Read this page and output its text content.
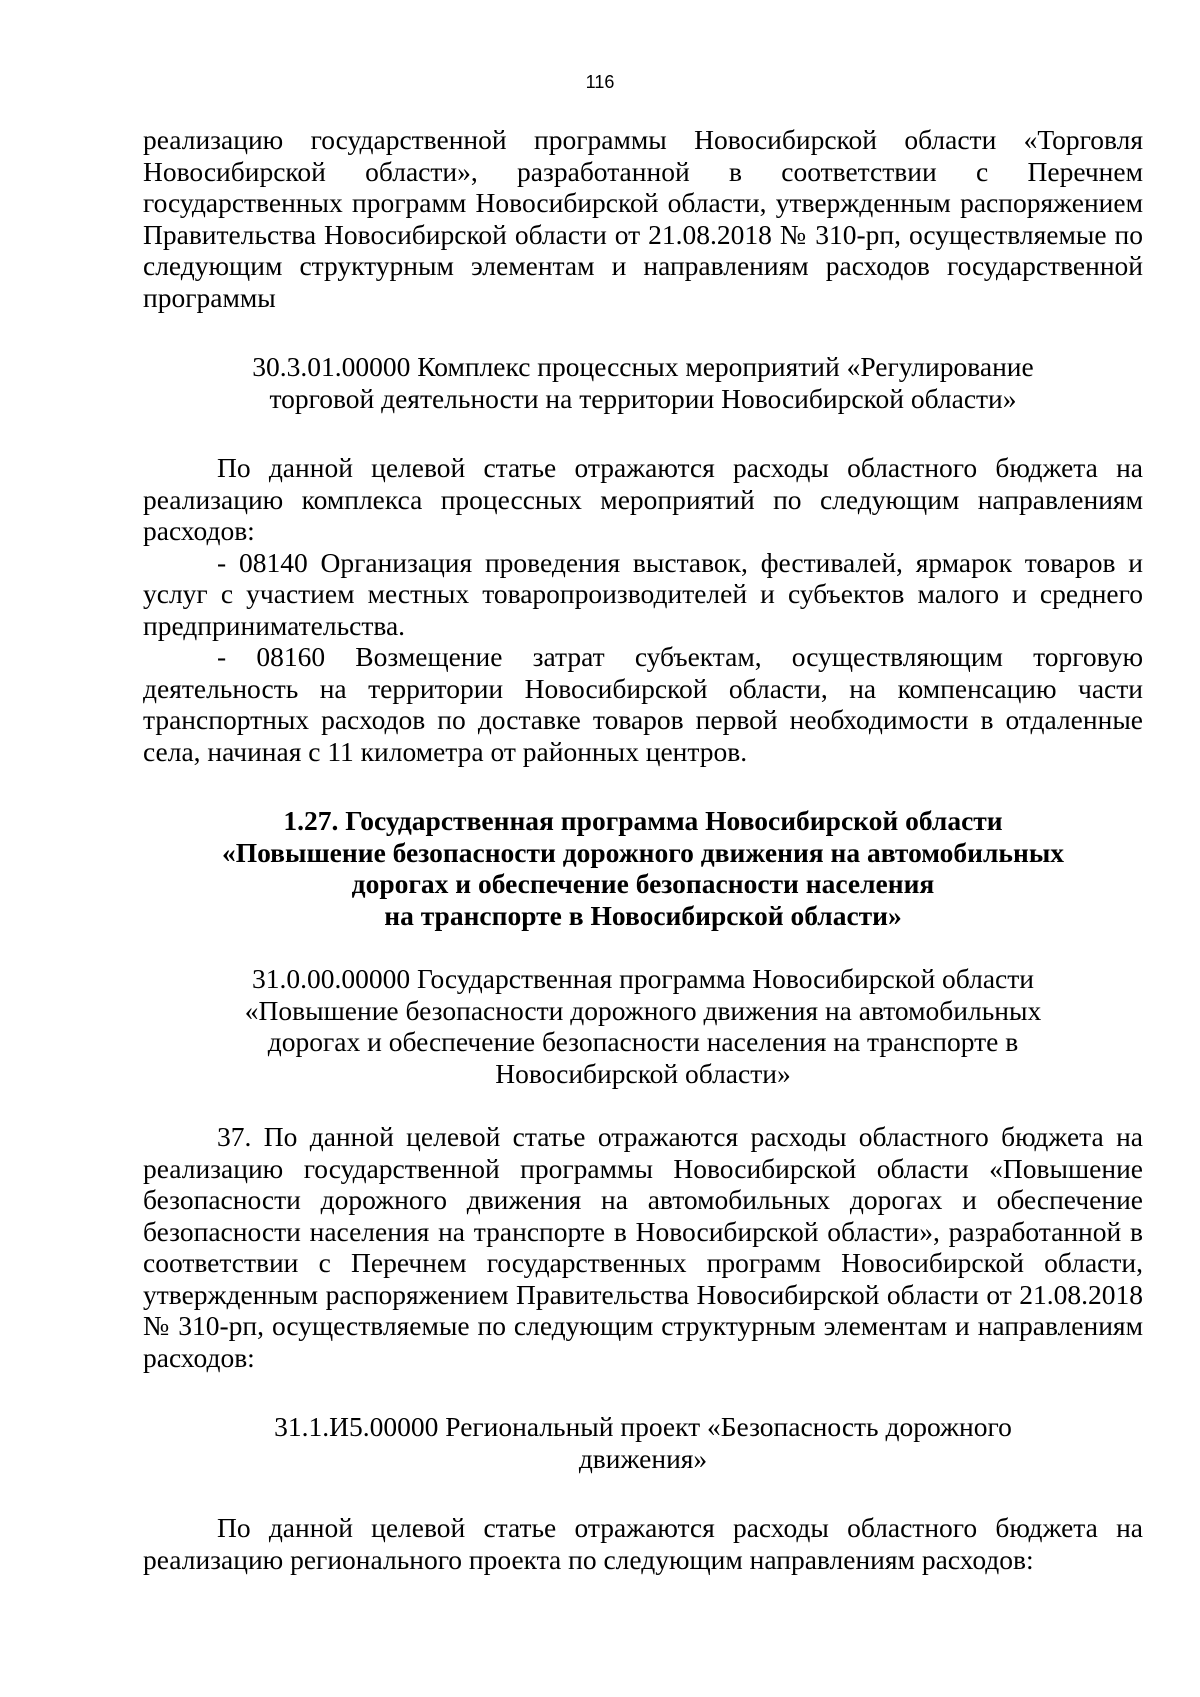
116

реализацию государственной программы Новосибирской области «Торговля Новосибирской области», разработанной в соответствии с Перечнем государственных программ Новосибирской области, утвержденным распоряжением Правительства Новосибирской области от 21.08.2018 № 310-рп, осуществляемые по следующим структурным элементам и направлениям расходов государственной программы

30.3.01.00000 Комплекс процессных мероприятий «Регулирование торговой деятельности на территории Новосибирской области»

По данной целевой статье отражаются расходы областного бюджета на реализацию комплекса процессных мероприятий по следующим направлениям расходов:

- 08140 Организация проведения выставок, фестивалей, ярмарок товаров и услуг с участием местных товаропроизводителей и субъектов малого и среднего предпринимательства.

- 08160 Возмещение затрат субъектам, осуществляющим торговую деятельность на территории Новосибирской области, на компенсацию части транспортных расходов по доставке товаров первой необходимости в отдаленные села, начиная с 11 километра от районных центров.

1.27. Государственная программа Новосибирской области
«Повышение безопасности дорожного движения на автомобильных
дорогах и обеспечение безопасности населения
на транспорте в Новосибирской области»

31.0.00.00000 Государственная программа Новосибирской области «Повышение безопасности дорожного движения на автомобильных дорогах и обеспечение безопасности населения на транспорте в Новосибирской области»

37. По данной целевой статье отражаются расходы областного бюджета на реализацию государственной программы Новосибирской области «Повышение безопасности дорожного движения на автомобильных дорогах и обеспечение безопасности населения на транспорте в Новосибирской области», разработанной в соответствии с Перечнем государственных программ Новосибирской области, утвержденным распоряжением Правительства Новосибирской области от 21.08.2018 № 310-рп, осуществляемые по следующим структурным элементам и направлениям расходов:

31.1.И5.00000 Региональный проект «Безопасность дорожного движения»

По данной целевой статье отражаются расходы областного бюджета на реализацию регионального проекта по следующим направлениям расходов:
